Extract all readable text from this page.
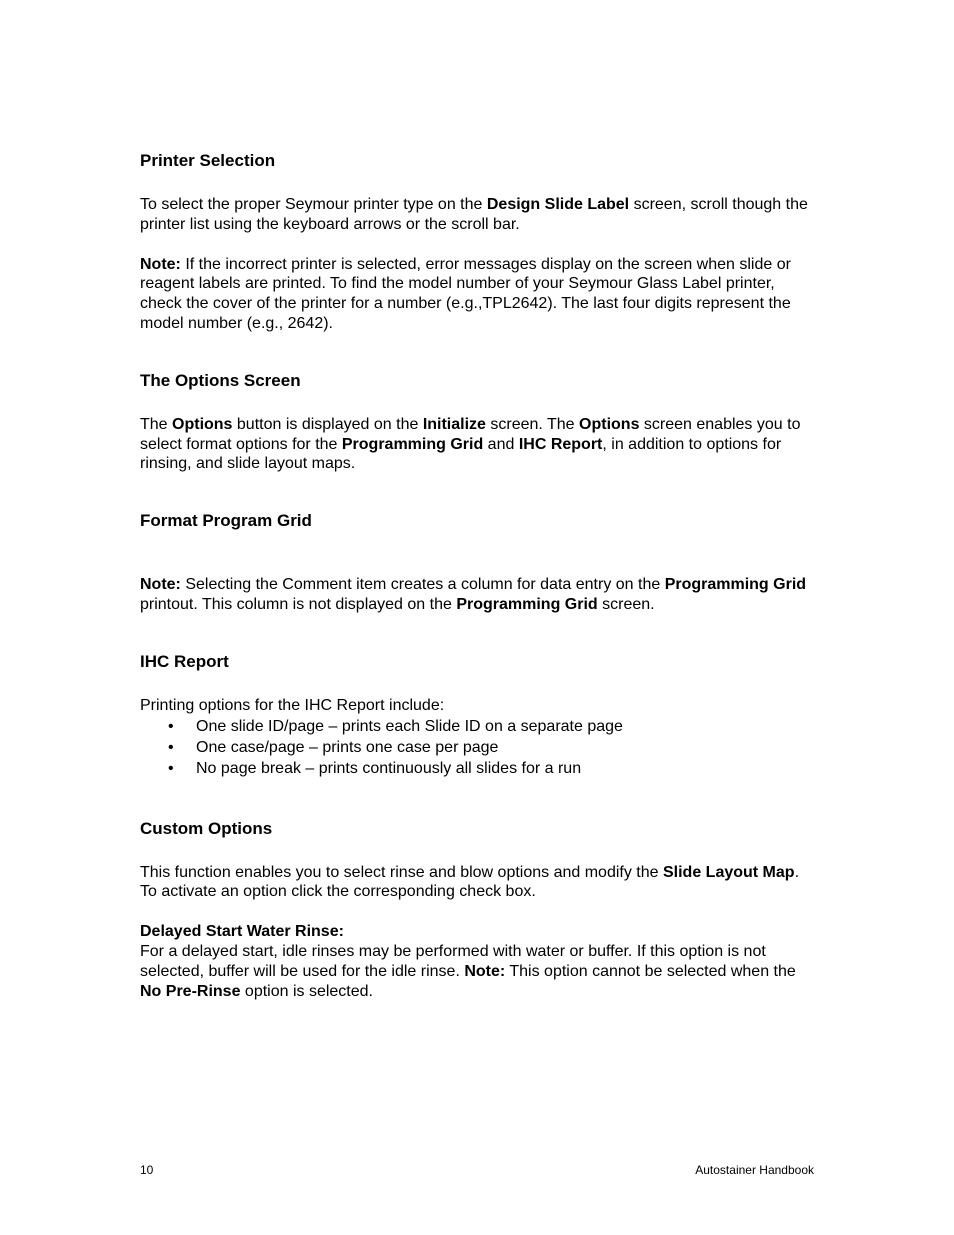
Printer Selection

To select the proper Seymour printer type on the Design Slide Label screen, scroll though the printer list using the keyboard arrows or the scroll bar.

Note: If the incorrect printer is selected, error messages display on the screen when slide or reagent labels are printed. To find the model number of your Seymour Glass Label printer, check the cover of the printer for a number (e.g.,TPL2642). The last four digits represent the model number (e.g., 2642).

The Options Screen

The Options button is displayed on the Initialize screen. The Options screen enables you to select format options for the Programming Grid and IHC Report, in addition to options for rinsing, and slide layout maps.

Format Program Grid

Note: Selecting the Comment item creates a column for data entry on the Programming Grid printout. This column is not displayed on the Programming Grid screen.

IHC Report

Printing options for the IHC Report include:

• One slide ID/page – prints each Slide ID on a separate page
• One case/page – prints one case per page
• No page break – prints continuously all slides for a run
Custom Options

This function enables you to select rinse and blow options and modify the Slide Layout Map. To activate an option click the corresponding check box.

Delayed Start Water Rinse:

For a delayed start, idle rinses may be performed with water or buffer. If this option is not selected, buffer will be used for the idle rinse. Note: This option cannot be selected when the No Pre-Rinse option is selected.

10	Autostainer Handbook
